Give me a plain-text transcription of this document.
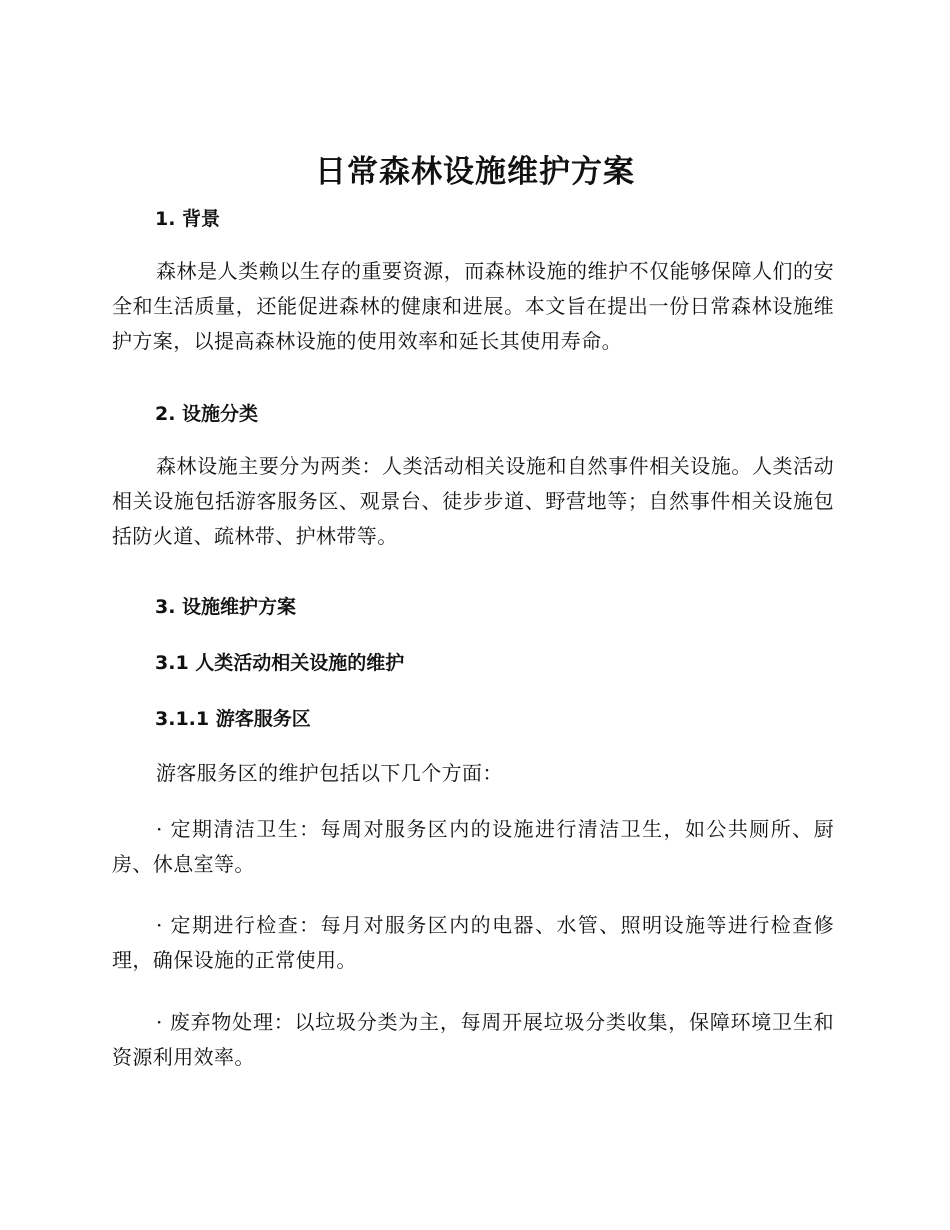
日常森林设施维护方案
1. 背景

森林是人类赖以生存的重要资源，而森林设施的维护不仅能够保障人们的安全和生活质量，还能促进森林的健康和进展。本文旨在提出一份日常森林设施维护方案，以提高森林设施的使用效率和延长其使用寿命。

2. 设施分类

森林设施主要分为两类：人类活动相关设施和自然事件相关设施。人类活动相关设施包括游客服务区、观景台、徒步步道、野营地等；自然事件相关设施包括防火道、疏林带、护林带等。

3. 设施维护方案
3.1 人类活动相关设施的维护
3.1.1 游客服务区

游客服务区的维护包括以下几个方面：

· 定期清洁卫生：每周对服务区内的设施进行清洁卫生，如公共厕所、厨房、休息室等。

· 定期进行检查：每月对服务区内的电器、水管、照明设施等进行检查修理，确保设施的正常使用。

· 废弃物处理：以垃圾分类为主，每周开展垃圾分类收集，保障环境卫生和资源利用效率。
